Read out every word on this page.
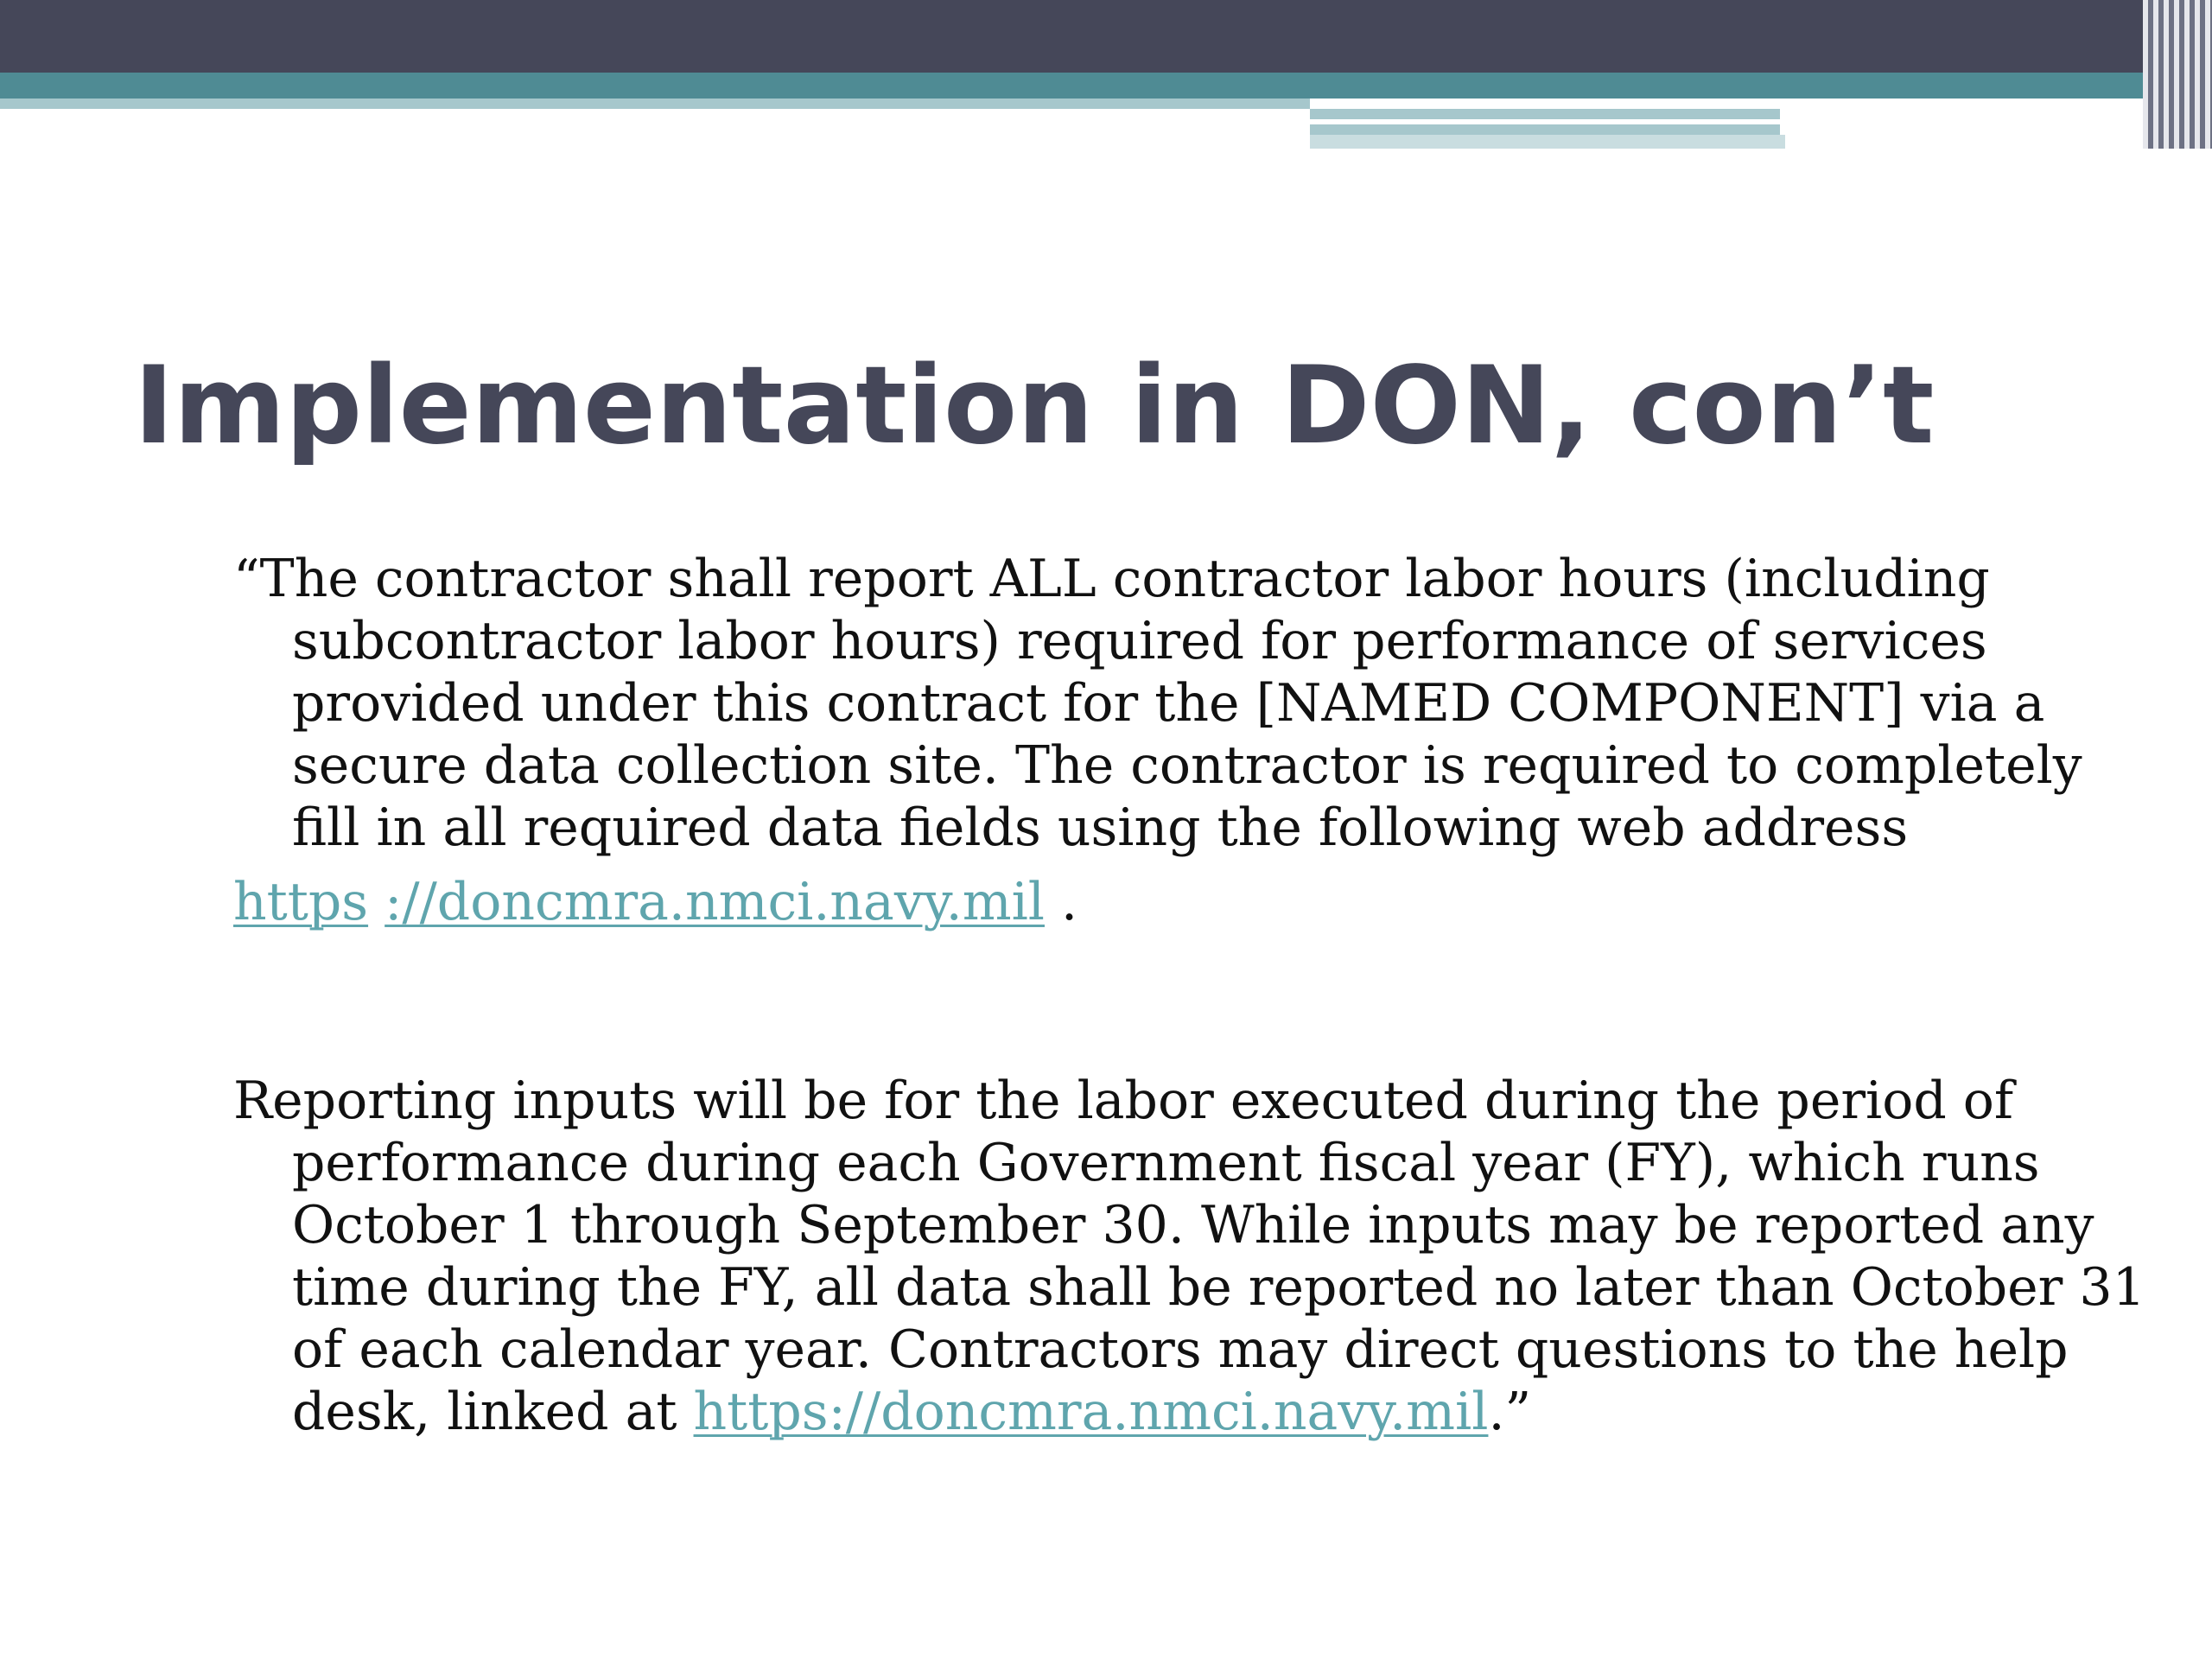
Implementation in DON, con’t

“The contractor shall report ALL contractor labor hours (including subcontractor labor hours) required for performance of services provided under this contract for the [NAMED COMPONENT] via a secure data collection site. The contractor is required to completely fill in all required data fields using the following web address
https ://doncmra.nmci.navy.mil .

Reporting inputs will be for the labor executed during the period of performance during each Government fiscal year (FY), which runs October 1 through September 30. While inputs may be reported any time during the FY, all data shall be reported no later than October 31 of each calendar year. Contractors may direct questions to the help desk, linked at https://doncmra.nmci.navy.mil.”
